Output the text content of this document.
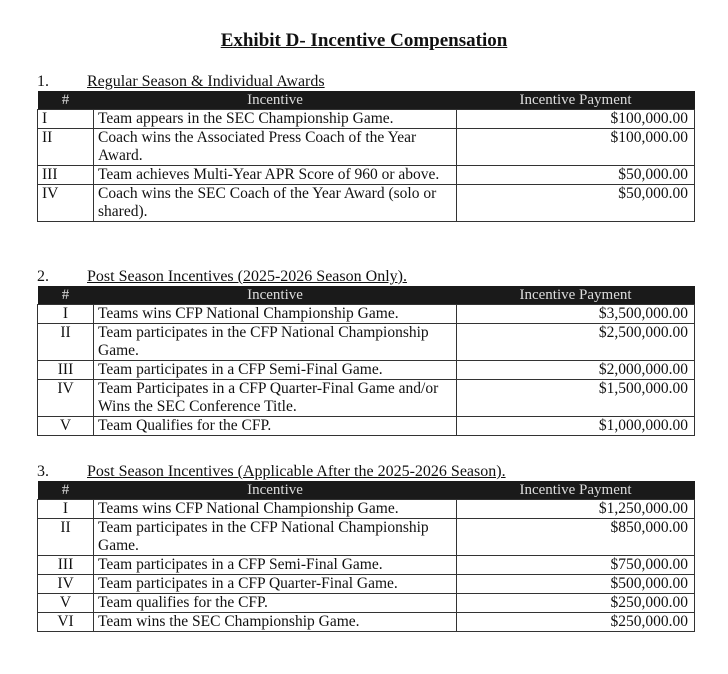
Exhibit D- Incentive Compensation
1. Regular Season & Individual Awards
#	Incentive	Incentive Payment
I	Team appears in the SEC Championship Game.	$100,000.00
II	Coach wins the Associated Press Coach of the Year Award.	$100,000.00
III	Team achieves Multi-Year APR Score of 960 or above.	$50,000.00
IV	Coach wins the SEC Coach of the Year Award (solo or shared).	$50,000.00
2. Post Season Incentives (2025-2026 Season Only).
#	Incentive	Incentive Payment
I	Teams wins CFP National Championship Game.	$3,500,000.00
II	Team participates in the CFP National Championship Game.	$2,500,000.00
III	Team participates in a CFP Semi-Final Game.	$2,000,000.00
IV	Team Participates in a CFP Quarter-Final Game and/or Wins the SEC Conference Title.	$1,500,000.00
V	Team Qualifies for the CFP.	$1,000,000.00
3. Post Season Incentives (Applicable After the 2025-2026 Season).
#	Incentive	Incentive Payment
I	Teams wins CFP National Championship Game.	$1,250,000.00
II	Team participates in the CFP National Championship Game.	$850,000.00
III	Team participates in a CFP Semi-Final Game.	$750,000.00
IV	Team participates in a CFP Quarter-Final Game.	$500,000.00
V	Team qualifies for the CFP.	$250,000.00
VI	Team wins the SEC Championship Game.	$250,000.00
